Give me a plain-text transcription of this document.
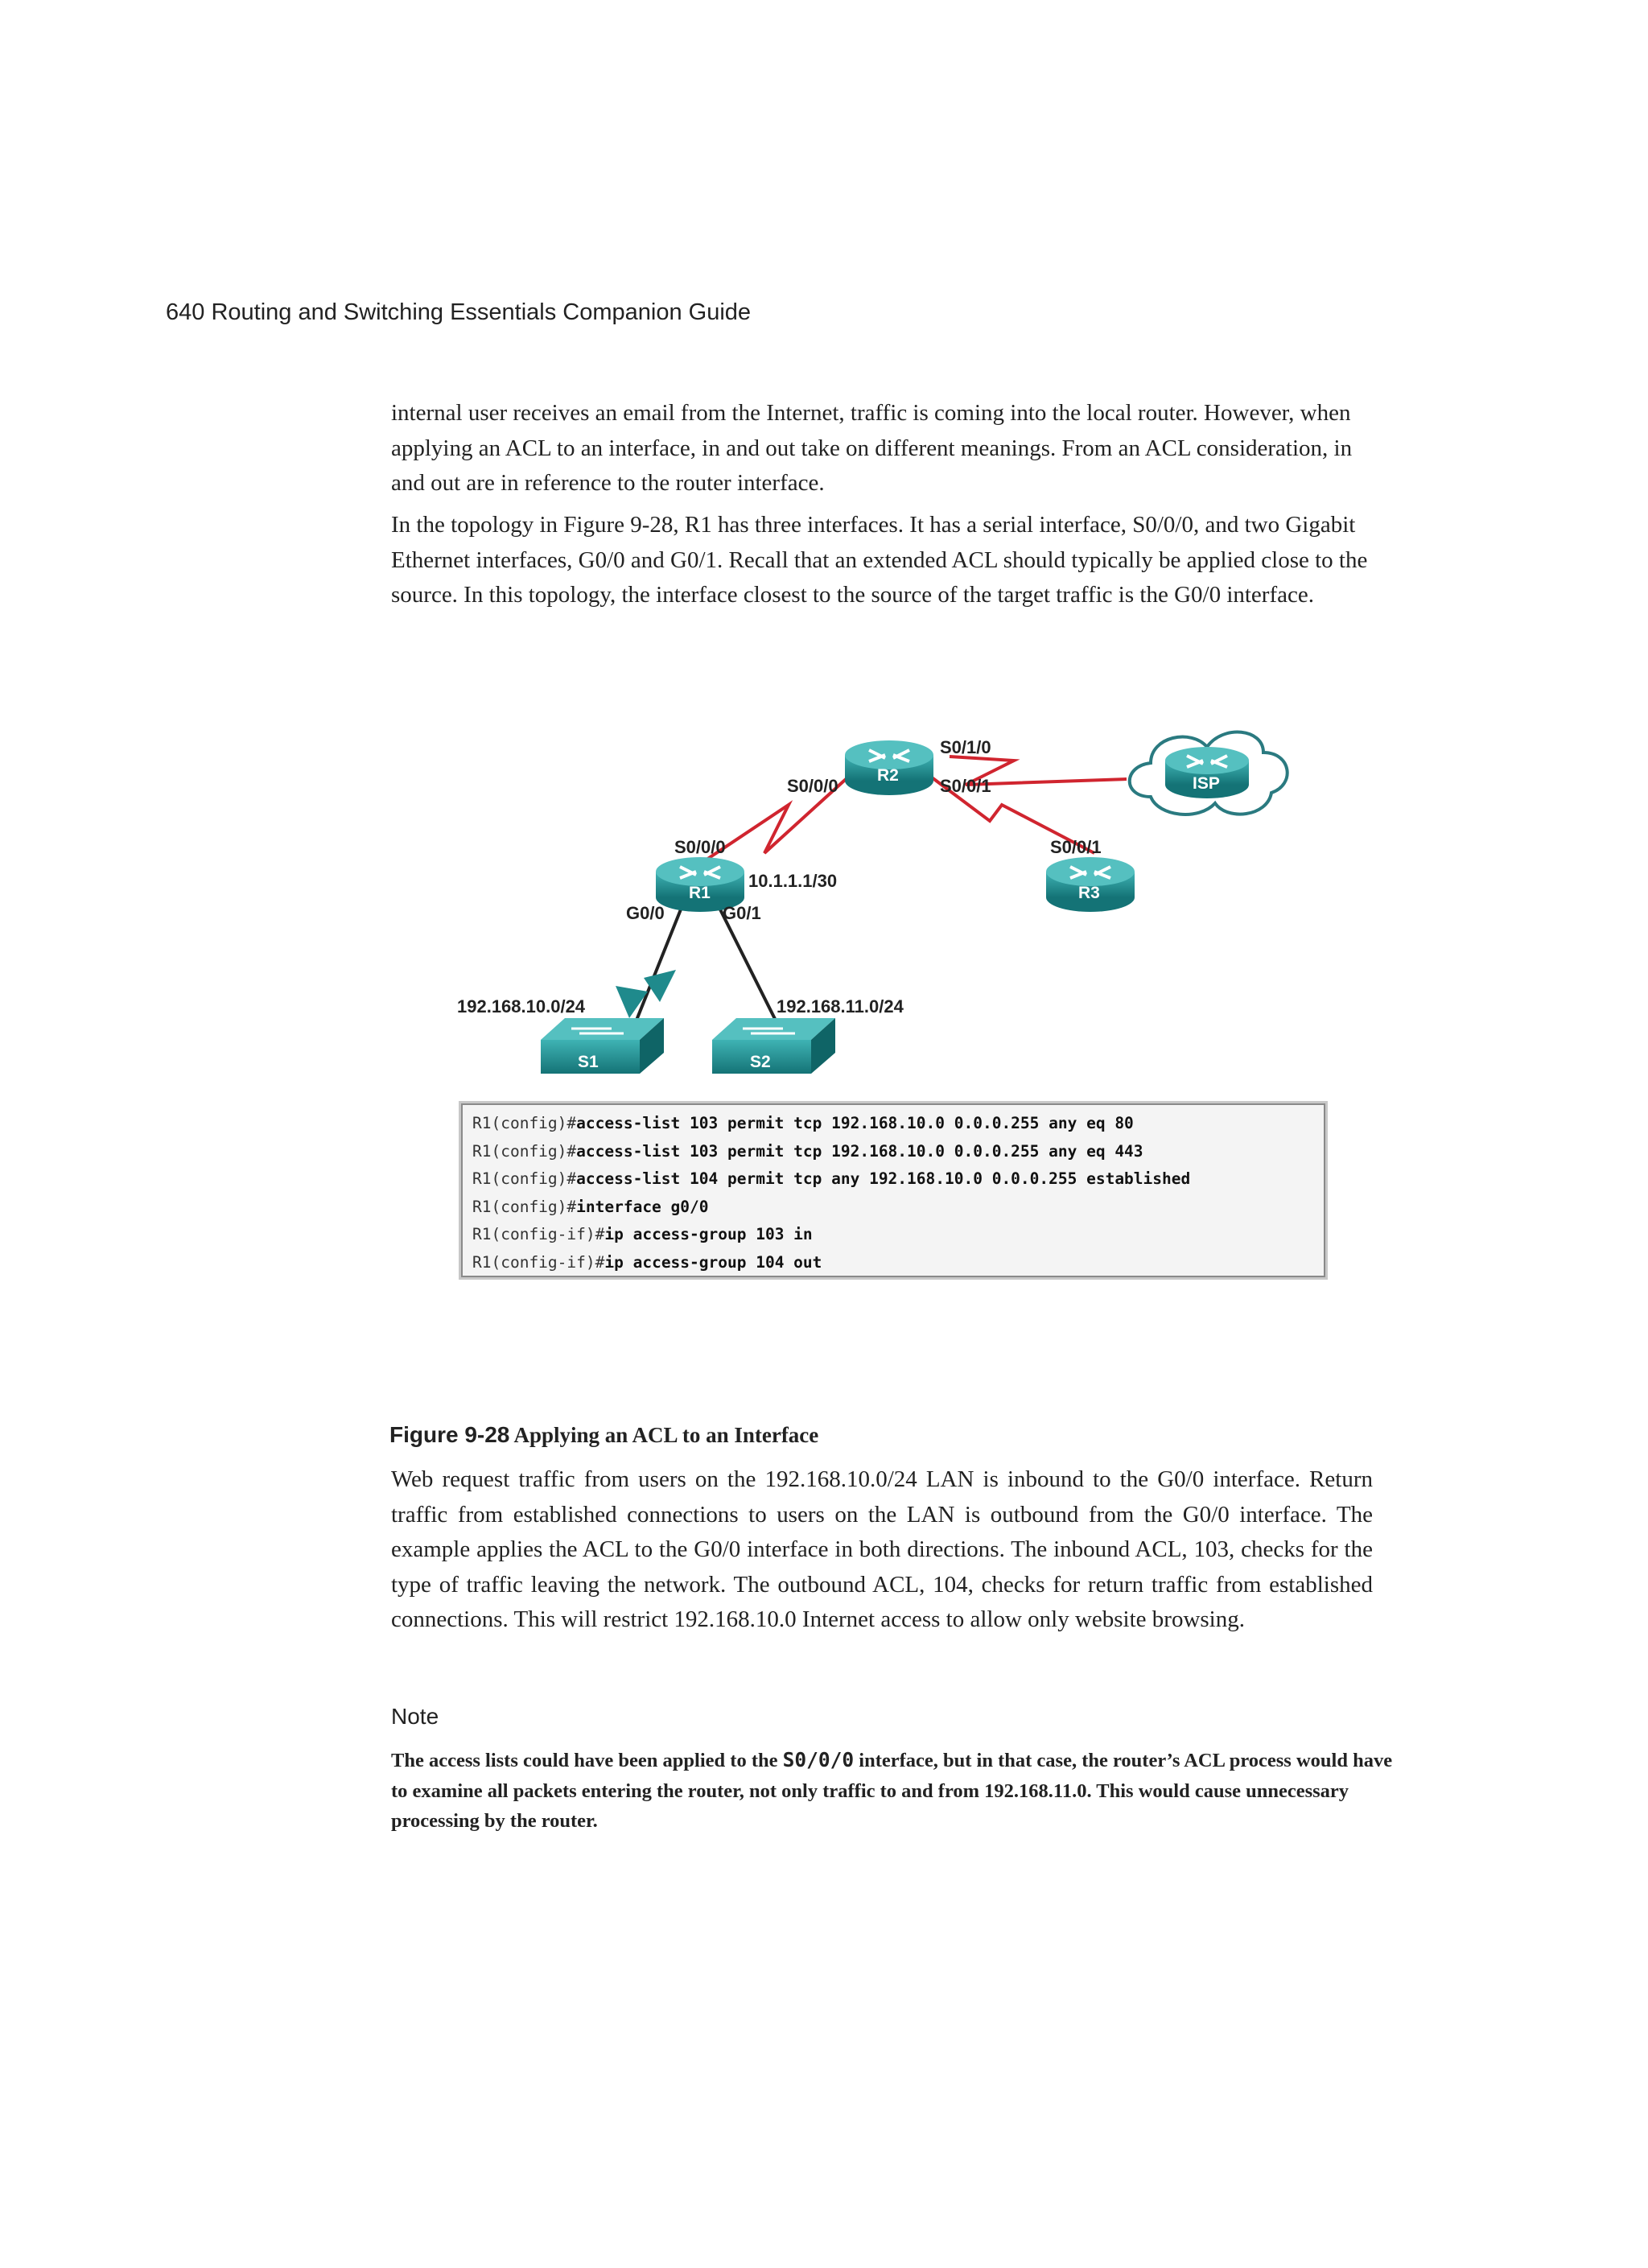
640 Routing and Switching Essentials Companion Guide

internal user receives an email from the Internet, traffic is coming into the local router. However, when applying an ACL to an interface, in and out take on different meanings. From an ACL consideration, in and out are in reference to the router interface.

In the topology in Figure 9-28, R1 has three interfaces. It has a serial interface, S0/0/0, and two Gigabit Ethernet interfaces, G0/0 and G0/1. Recall that an extended ACL should typically be applied close to the source. In this topology, the interface closest to the source of the target traffic is the G0/0 interface.

R2
R1	R3
ISP
S1	S2
S0/1/0
S0/0/0	S0/0/1
S0/0/0
10.1.1.1/30
G0/0	G0/1
S0/0/1
192.168.10.0/24	192.168.11.0/24
R1(config)#access-list 103 permit tcp 192.168.10.0 0.0.0.255 any eq 80
R1(config)#access-list 103 permit tcp 192.168.10.0 0.0.0.255 any eq 443
R1(config)#access-list 104 permit tcp any 192.168.10.0 0.0.0.255 established
R1(config)#interface g0/0
R1(config-if)#ip access-group 103 in
R1(config-if)#ip access-group 104 out
Figure 9-28 Applying an ACL to an Interface

Web request traffic from users on the 192.168.10.0/24 LAN is inbound to the G0/0 interface. Return traffic from established connections to users on the LAN is outbound from the G0/0 interface. The example applies the ACL to the G0/0 interface in both directions. The inbound ACL, 103, checks for the type of traffic leaving the network. The outbound ACL, 104, checks for return traffic from established connections. This will restrict 192.168.10.0 Internet access to allow only website browsing.

Note

The access lists could have been applied to the S0/0/0 interface, but in that case, the router’s ACL process would have to examine all packets entering the router, not only traffic to and from 192.168.11.0. This would cause unnecessary processing by the router.
